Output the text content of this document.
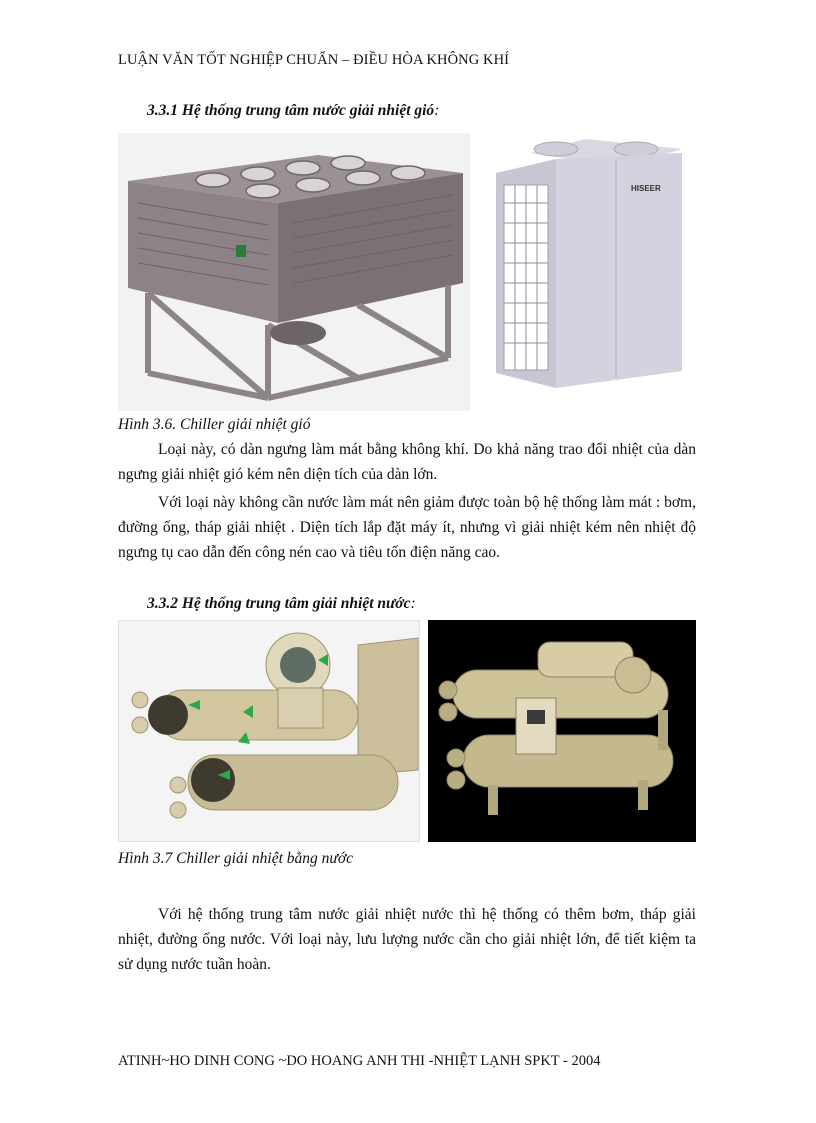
LUẬN VĂN TỐT NGHIỆP CHUẨN – ĐIỀU HÒA KHÔNG KHÍ
3.3.1 Hệ thống trung tâm nước giải nhiệt gió:
HISEER
Hình 3.6. Chiller giải nhiệt gió

Loại này, có dàn ngưng làm mát bằng không khí. Do khả năng trao đổi nhiệt của dàn ngưng giải nhiệt gió kém nên diện tích của dàn lớn.

Với loại này không cần nước làm mát nên giảm được toàn bộ hệ thống làm mát : bơm, đường ống, tháp giải nhiệt . Diện tích lắp đặt máy ít, nhưng vì giải nhiệt kém nên nhiệt độ ngưng tụ cao dẫn đến công nén cao và tiêu tốn điện năng cao.

3.3.2 Hệ thống trung tâm giải nhiệt nước:
Hình 3.7 Chiller giải nhiệt bằng nước

Với hệ thống trung tâm nước giải nhiệt nước thì hệ thống có thêm bơm, tháp giải nhiệt, đường ống nước. Với loại này, lưu lượng nước cần cho giải nhiệt lớn, để tiết kiệm ta sử dụng nước tuần hoàn.

ATINH~HO DINH CONG ~DO HOANG ANH THI -NHIỆT LẠNH SPKT - 2004
